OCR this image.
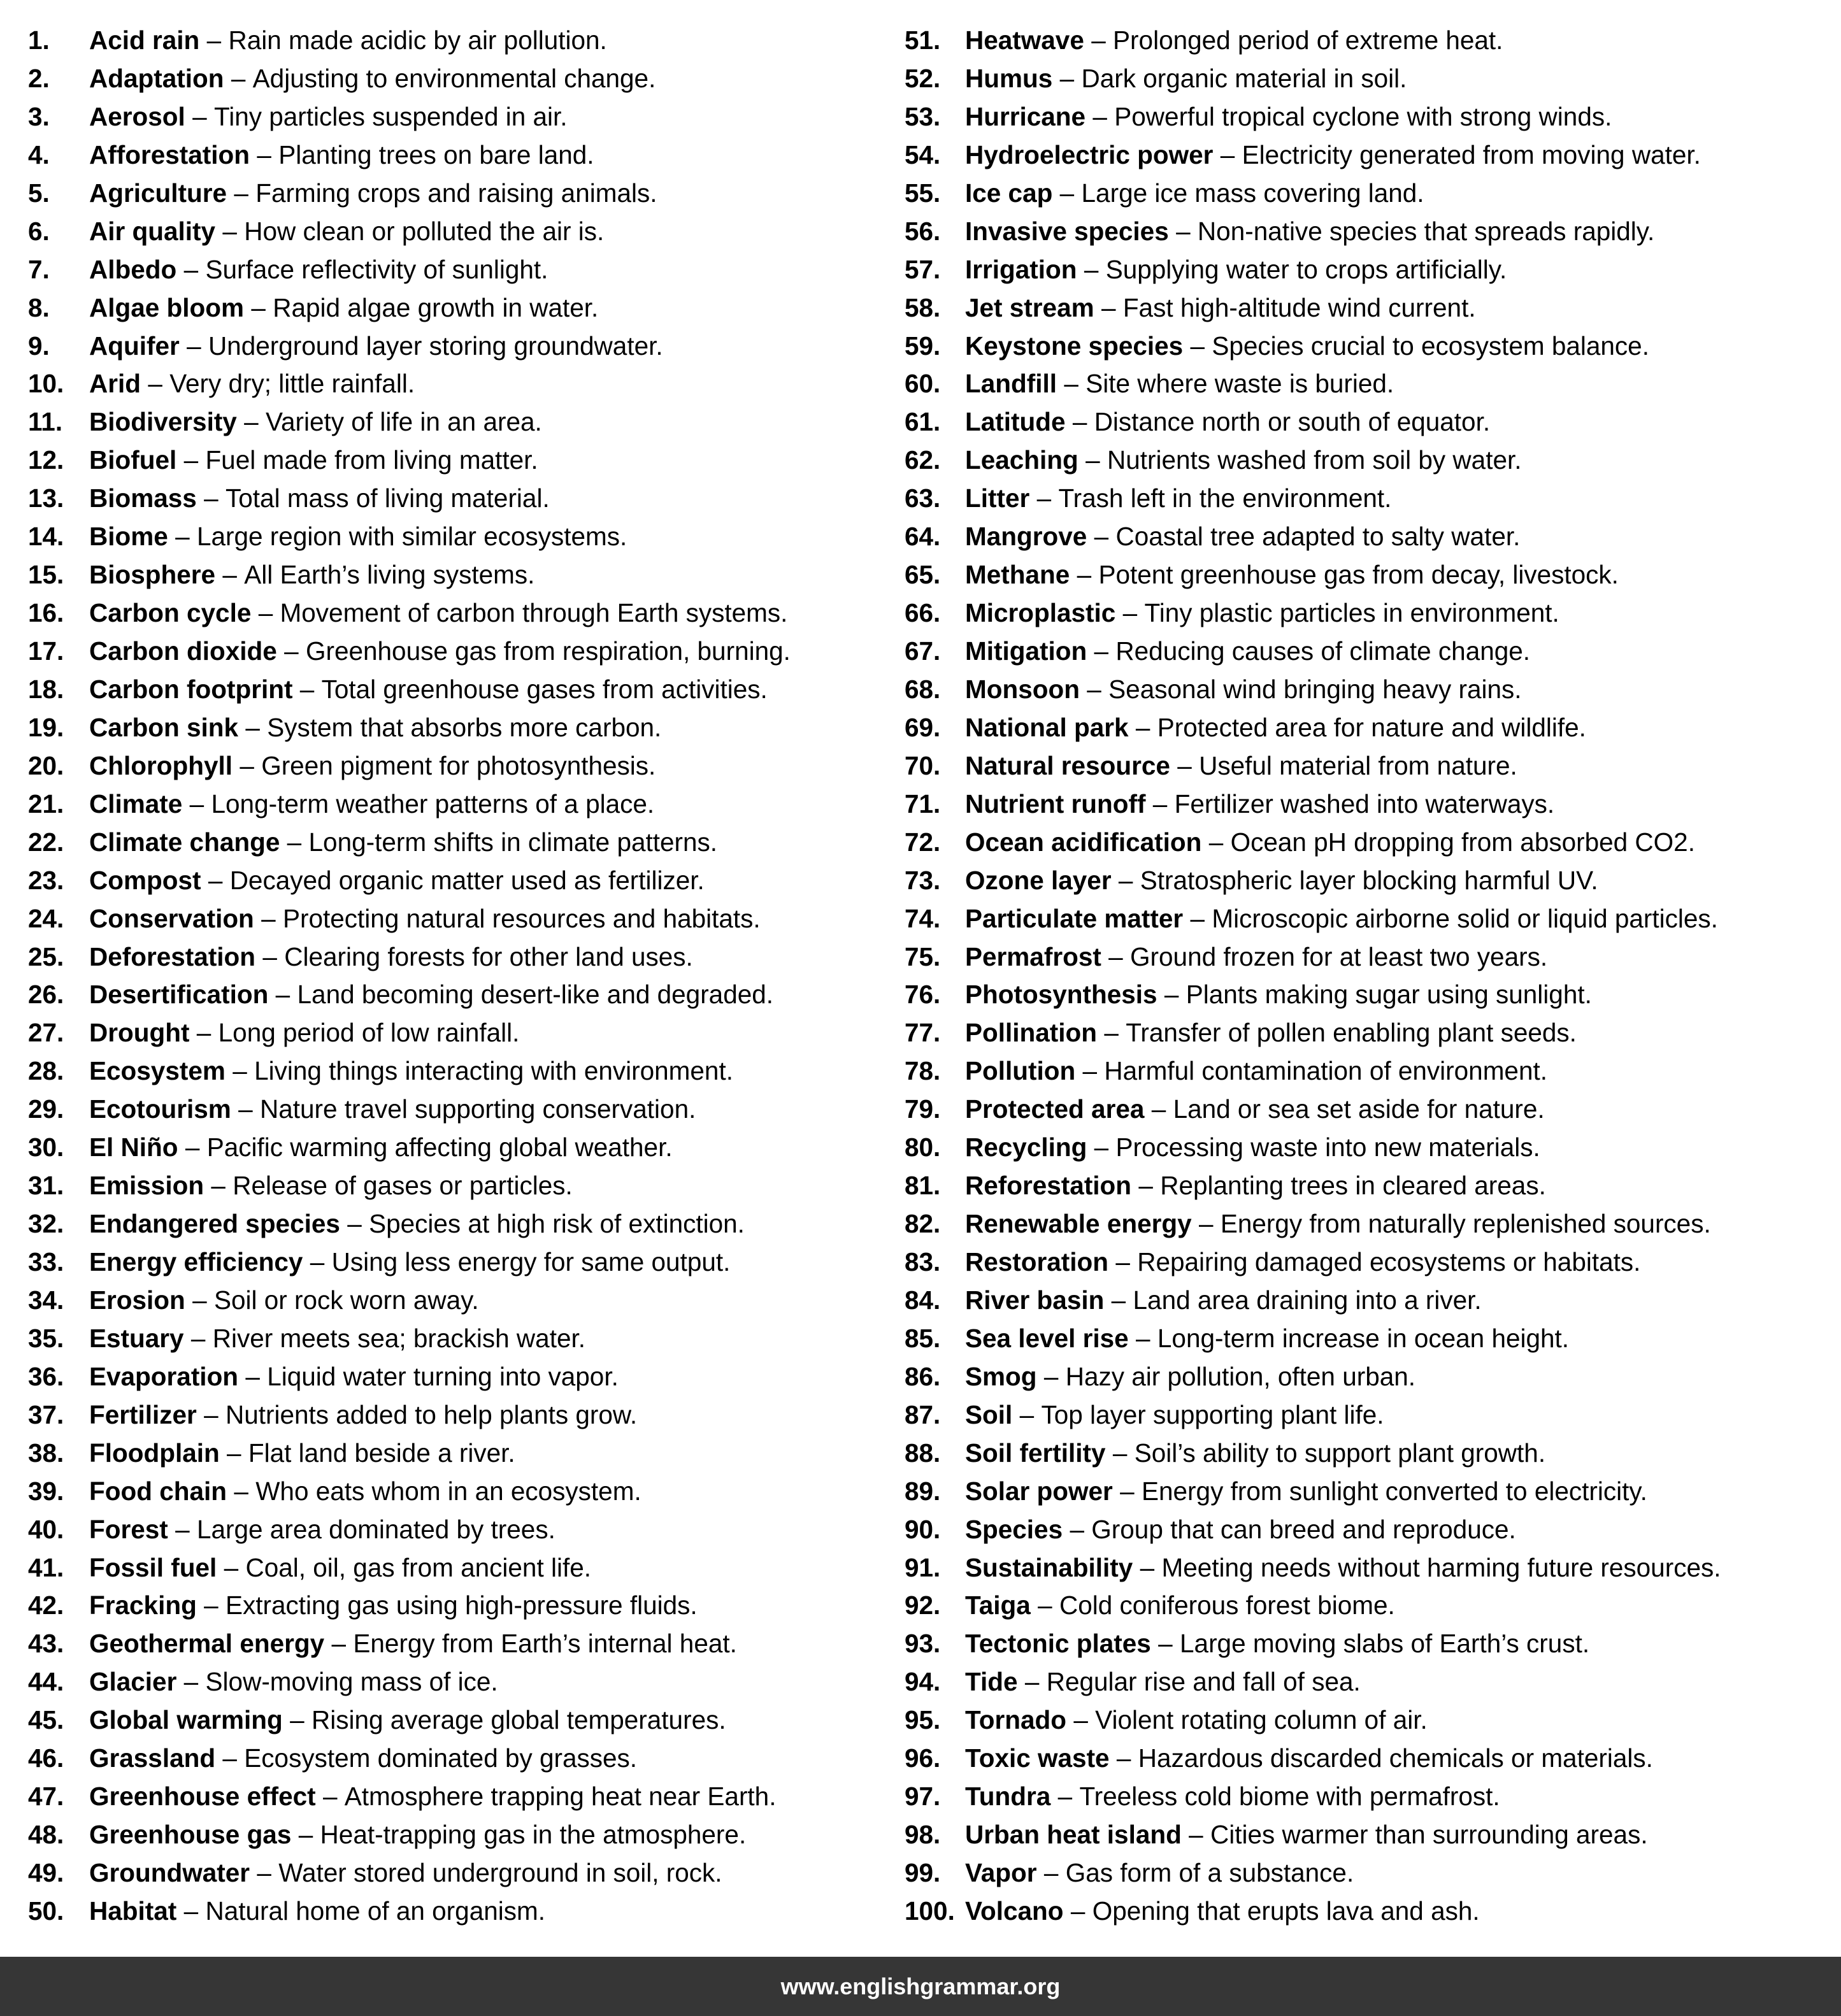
1.	Acid rain – Rain made acidic by air pollution.
2.	Adaptation – Adjusting to environmental change.
3.	Aerosol – Tiny particles suspended in air.
4.	Afforestation – Planting trees on bare land.
5.	Agriculture – Farming crops and raising animals.
6.	Air quality – How clean or polluted the air is.
7.	Albedo – Surface reflectivity of sunlight.
8.	Algae bloom – Rapid algae growth in water.
9.	Aquifer – Underground layer storing groundwater.
10. Arid – Very dry; little rainfall.
11.	Biodiversity – Variety of life in an area.
12. Biofuel – Fuel made from living matter.
13. Biomass – Total mass of living material.
14. Biome – Large region with similar ecosystems.
15. Biosphere – All Earth’s living systems.
16. Carbon cycle – Movement of carbon through Earth systems.
17. Carbon dioxide – Greenhouse gas from respiration, burning.
18. Carbon footprint – Total greenhouse gases from activities.
19. Carbon sink – System that absorbs more carbon.
20. Chlorophyll – Green pigment for photosynthesis.
21. Climate – Long-term weather patterns of a place.
22. Climate change – Long-term shifts in climate patterns.
23. Compost – Decayed organic matter used as fertilizer.
24. Conservation – Protecting natural resources and habitats.
25. Deforestation – Clearing forests for other land uses.
26. Desertification – Land becoming desert-like and degraded.
27. Drought – Long period of low rainfall.
28. Ecosystem – Living things interacting with environment.
29. Ecotourism – Nature travel supporting conservation.
30. El Niño – Pacific warming affecting global weather.
31. Emission – Release of gases or particles.
32. Endangered species – Species at high risk of extinction.
33. Energy efficiency – Using less energy for same output.
34. Erosion – Soil or rock worn away.
35. Estuary – River meets sea; brackish water.
36. Evaporation – Liquid water turning into vapor.
37. Fertilizer – Nutrients added to help plants grow.
38. Floodplain – Flat land beside a river.
39. Food chain – Who eats whom in an ecosystem.
40. Forest – Large area dominated by trees.
41. Fossil fuel – Coal, oil, gas from ancient life.
42. Fracking – Extracting gas using high-pressure fluids.
43. Geothermal energy – Energy from Earth’s internal heat.
44. Glacier – Slow-moving mass of ice.
45. Global warming – Rising average global temperatures.
46. Grassland – Ecosystem dominated by grasses.
47. Greenhouse effect – Atmosphere trapping heat near Earth.
48. Greenhouse gas – Heat-trapping gas in the atmosphere.
49. Groundwater – Water stored underground in soil, rock.
50. Habitat – Natural home of an organism.
51. Heatwave – Prolonged period of extreme heat.
52. Humus – Dark organic material in soil.
53. Hurricane – Powerful tropical cyclone with strong winds.
54. Hydroelectric power – Electricity generated from moving water.
55. Ice cap – Large ice mass covering land.
56. Invasive species – Non-native species that spreads rapidly.
57. Irrigation – Supplying water to crops artificially.
58. Jet stream – Fast high-altitude wind current.
59. Keystone species – Species crucial to ecosystem balance.
60. Landfill – Site where waste is buried.
61. Latitude – Distance north or south of equator.
62. Leaching – Nutrients washed from soil by water.
63. Litter – Trash left in the environment.
64. Mangrove – Coastal tree adapted to salty water.
65. Methane – Potent greenhouse gas from decay, livestock.
66. Microplastic – Tiny plastic particles in environment.
67. Mitigation – Reducing causes of climate change.
68. Monsoon – Seasonal wind bringing heavy rains.
69. National park – Protected area for nature and wildlife.
70. Natural resource – Useful material from nature.
71. Nutrient runoff – Fertilizer washed into waterways.
72. Ocean acidification – Ocean pH dropping from absorbed CO2.
73. Ozone layer – Stratospheric layer blocking harmful UV.
74. Particulate matter – Microscopic airborne solid or liquid particles.
75. Permafrost – Ground frozen for at least two years.
76. Photosynthesis – Plants making sugar using sunlight.
77. Pollination – Transfer of pollen enabling plant seeds.
78. Pollution – Harmful contamination of environment.
79. Protected area – Land or sea set aside for nature.
80. Recycling – Processing waste into new materials.
81. Reforestation – Replanting trees in cleared areas.
82. Renewable energy – Energy from naturally replenished sources.
83. Restoration – Repairing damaged ecosystems or habitats.
84. River basin – Land area draining into a river.
85. Sea level rise – Long-term increase in ocean height.
86. Smog – Hazy air pollution, often urban.
87. Soil – Top layer supporting plant life.
88. Soil fertility – Soil’s ability to support plant growth.
89. Solar power – Energy from sunlight converted to electricity.
90. Species – Group that can breed and reproduce.
91. Sustainability – Meeting needs without harming future resources.
92. Taiga – Cold coniferous forest biome.
93. Tectonic plates – Large moving slabs of Earth’s crust.
94. Tide – Regular rise and fall of sea.
95. Tornado – Violent rotating column of air.
96. Toxic waste – Hazardous discarded chemicals or materials.
97. Tundra – Treeless cold biome with permafrost.
98. Urban heat island – Cities warmer than surrounding areas.
99. Vapor – Gas form of a substance.
100. Volcano – Opening that erupts lava and ash.
www.englishgrammar.org
